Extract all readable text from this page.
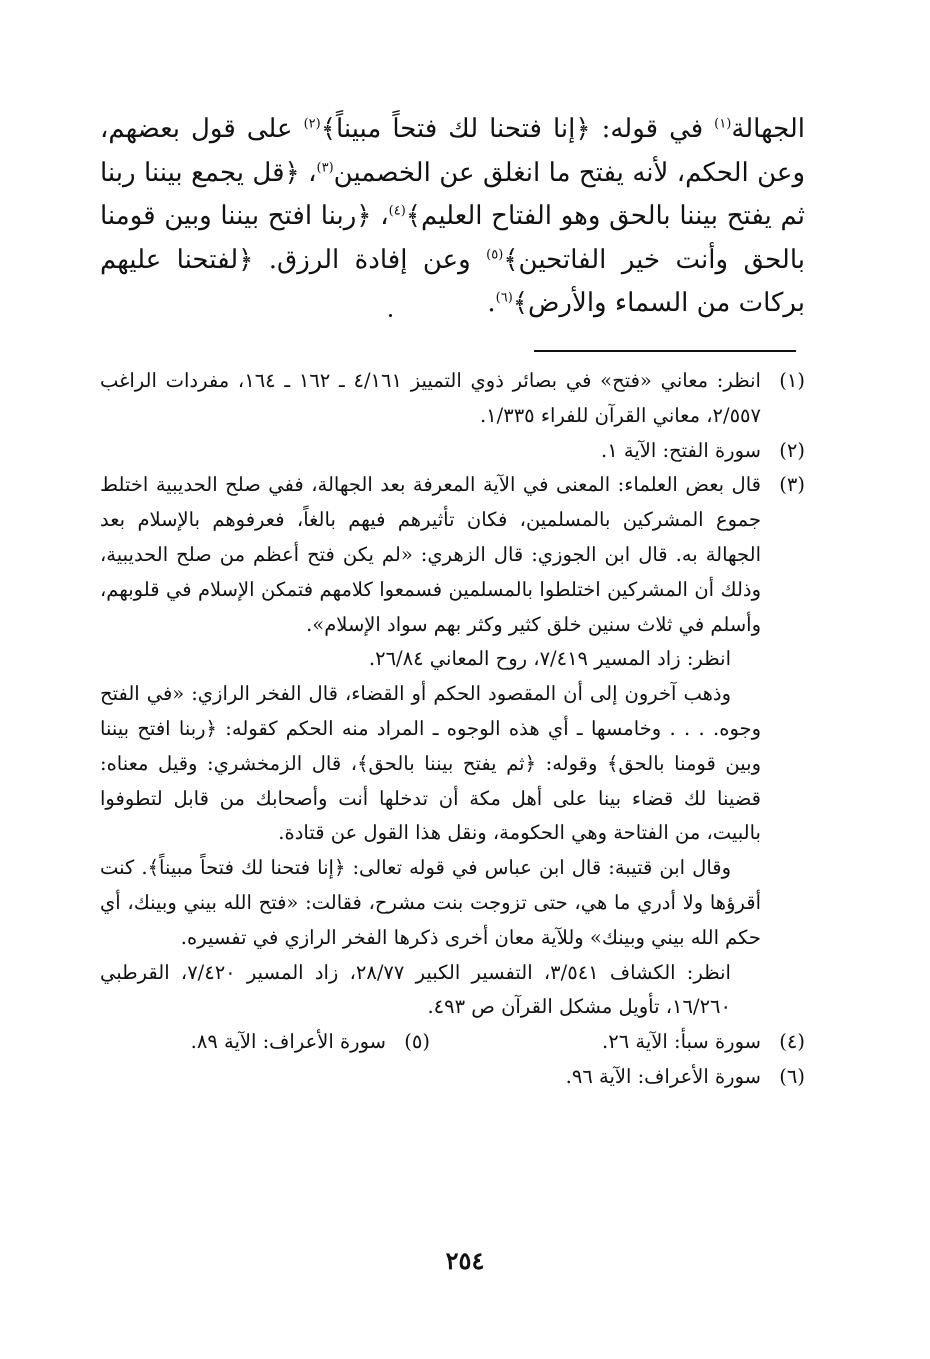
الجهالة$^{(١)}$ في قوله: ﴿إنا فتحنا لك فتحاً مبيناً﴾$^{(٢)}$ على قول بعضهم، وعن الحكم، لأنه يفتح ما انغلق عن الخصمين$^{(٣)}$، ﴿قل يجمع بيننا ربنا ثم يفتح بيننا بالحق وهو الفتاح العليم﴾$^{(٤)}$، ﴿ربنا افتح بيننا وبين قومنا بالحق وأنت خير الفاتحين﴾$^{(٥)}$ وعن إفادة الرزق. ﴿لفتحنا عليهم بركات من السماء والأرض﴾$^{(٦)}$.

(١)

انظر: معاني «فتح» في بصائر ذوي التمييز ٤/١٦١ ـ ١٦٢ ـ ١٦٤، مفردات الراغب ٢/٥٥٧، معاني القرآن للفراء ١/٣٣٥.

(٢)

سورة الفتح: الآية ١.

(٣)

قال بعض العلماء: المعنى في الآية المعرفة بعد الجهالة، ففي صلح الحديبية اختلط جموع المشركين بالمسلمين، فكان تأثيرهم فيهم بالغاً، فعرفوهم بالإسلام بعد الجهالة به. قال ابن الجوزي: قال الزهري: «لم يكن فتح أعظم من صلح الحديبية، وذلك أن المشركين اختلطوا بالمسلمين فسمعوا كلامهم فتمكن الإسلام في قلوبهم، وأسلم في ثلاث سنين خلق كثير وكثر بهم سواد الإسلام».

انظر: زاد المسير ٧/٤١٩، روح المعاني ٢٦/٨٤.

وذهب آخرون إلى أن المقصود الحكم أو القضاء، قال الفخر الرازي: «في الفتح وجوه. . . . وخامسها ـ أي هذه الوجوه ـ المراد منه الحكم كقوله: ﴿ربنا افتح بيننا وبين قومنا بالحق﴾ وقوله: ﴿ثم يفتح بيننا بالحق﴾، قال الزمخشري: وقيل معناه: قضينا لك قضاء بينا على أهل مكة أن تدخلها أنت وأصحابك من قابل لتطوفوا بالبيت، من الفتاحة وهي الحكومة، ونقل هذا القول عن قتادة.

وقال ابن قتيبة: قال ابن عباس في قوله تعالى: ﴿إنا فتحنا لك فتحاً مبيناً﴾. كنت أقرؤها ولا أدري ما هي، حتى تزوجت بنت مشرح، فقالت: «فتح الله بيني وبينك، أي حكم الله بيني وبينك» وللآية معان أخرى ذكرها الفخر الرازي في تفسيره.

انظر: الكشاف ٣/٥٤١، التفسير الكبير ٢٨/٧٧، زاد المسير ٧/٤٢٠، القرطبي ١٦/٢٦٠، تأويل مشكل القرآن ص ٤٩٣.

(٤)
سورة سبأ: الآية ٢٦.
(٥)
سورة الأعراف: الآية ٨٩.
(٦)

سورة الأعراف: الآية ٩٦.

٢٥٤
